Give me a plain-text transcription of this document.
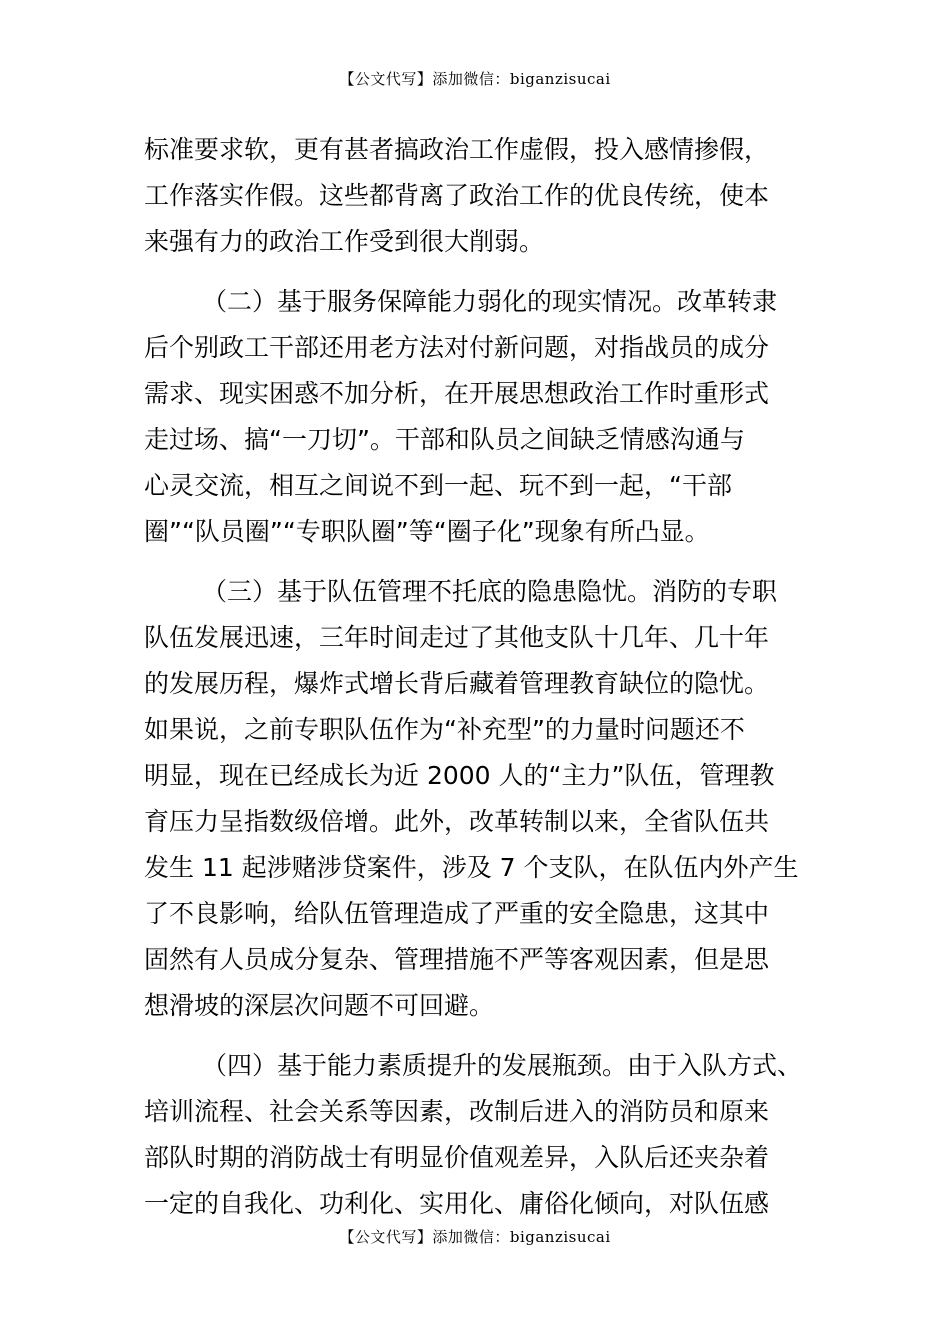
【公文代写】添加微信：biganzisucai
标准要求软，更有甚者搞政治工作虚假，投入感情掺假，
工作落实作假。这些都背离了政治工作的优良传统，使本
来强有力的政治工作受到很大削弱。
（二）基于服务保障能力弱化的现实情况。改革转隶
后个别政工干部还用老方法对付新问题，对指战员的成分
需求、现实困惑不加分析，在开展思想政治工作时重形式
走过场、搞“一刀切”。干部和队员之间缺乏情感沟通与
心灵交流，相互之间说不到一起、玩不到一起，“干部
圈”“队员圈”“专职队圈”等“圈子化”现象有所凸显。
（三）基于队伍管理不托底的隐患隐忧。消防的专职
队伍发展迅速，三年时间走过了其他支队十几年、几十年
的发展历程，爆炸式增长背后藏着管理教育缺位的隐忧。
如果说，之前专职队伍作为“补充型”的力量时问题还不
明显，现在已经成长为近 2000 人的“主力”队伍，管理教
育压力呈指数级倍增。此外，改革转制以来，全省队伍共
发生 11 起涉赌涉贷案件，涉及 7 个支队，在队伍内外产生
了不良影响，给队伍管理造成了严重的安全隐患，这其中
固然有人员成分复杂、管理措施不严等客观因素，但是思
想滑坡的深层次问题不可回避。
（四）基于能力素质提升的发展瓶颈。由于入队方式、
培训流程、社会关系等因素，改制后进入的消防员和原来
部队时期的消防战士有明显价值观差异，入队后还夹杂着
一定的自我化、功利化、实用化、庸俗化倾向，对队伍感
【公文代写】添加微信：biganzisucai
